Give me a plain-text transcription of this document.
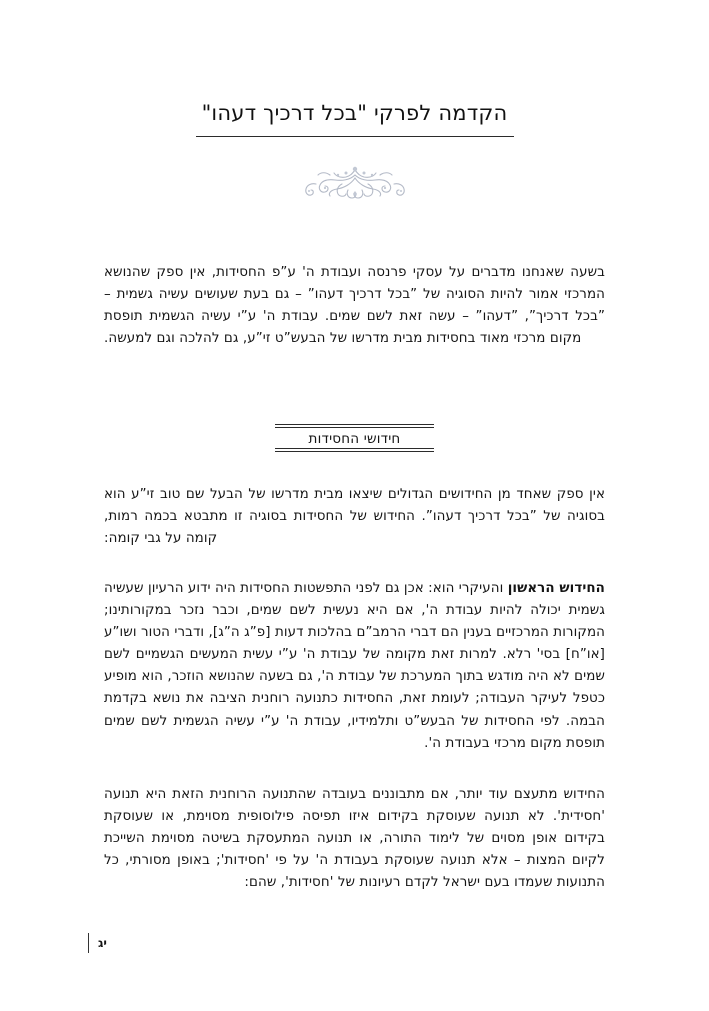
הקדמה לפרקי "בכל דרכיך דעהו"

בשעה שאנחנו מדברים על עסקי פרנסה ועבודת ה' ע”פ החסידות, אין ספק שהנושא המרכזי אמור להיות הסוגיה של ”בכל דרכיך דעהו” – גם בעת שעושים עשיה גשמית – ”בכל דרכיך”, ”דעהו” – עשה זאת לשם שמים. עבודת ה' ע”י עשיה הגשמית תופסת מקום מרכזי מאוד בחסידות מבית מדרשו של הבעש”ט זי”ע, גם להלכה וגם למעשה.

חידושי החסידות

אין ספק שאחד מן החידושים הגדולים שיצאו מבית מדרשו של הבעל שם טוב זי”ע הוא בסוגיה של ”בכל דרכיך דעהו”. החידוש של החסידות בסוגיה זו מתבטא בכמה רמות, קומה על גבי קומה:

החידוש הראשון והעיקרי הוא: אכן גם לפני התפשטות החסידות היה ידוע הרעיון שעשיה גשמית יכולה להיות עבודת ה', אם היא נעשית לשם שמים, וכבר נזכר במקורותינו; המקורות המרכזיים בענין הם דברי הרמב”ם בהלכות דעות [פ”ג ה”ג], ודברי הטור ושו”ע [או”ח] בסי' רלא. למרות זאת מקומה של עבודת ה' ע”י עשית המעשים הגשמיים לשם שמים לא היה מודגש בתוך המערכת של עבודת ה', גם בשעה שהנושא הוזכר, הוא מופיע כטפל לעיקר העבודה; לעומת זאת, החסידות כתנועה רוחנית הציבה את נושא בקדמת הבמה. לפי החסידות של הבעש”ט ותלמידיו, עבודת ה' ע”י עשיה הגשמית לשם שמים תופסת מקום מרכזי בעבודת ה'.

החידוש מתעצם עוד יותר, אם מתבוננים בעובדה שהתנועה הרוחנית הזאת היא תנועה 'חסידית'. לא תנועה שעוסקת בקידום איזו תפיסה פילוסופית מסוימת, או שעוסקת בקידום אופן מסוים של לימוד התורה, או תנועה המתעסקת בשיטה מסוימת השייכת לקיום המצות – אלא תנועה שעוסקת בעבודת ה' על פי 'חסידות'; באופן מסורתי, כל התנועות שעמדו בעם ישראל לקדם רעיונות של 'חסידות', שהם:

יג
